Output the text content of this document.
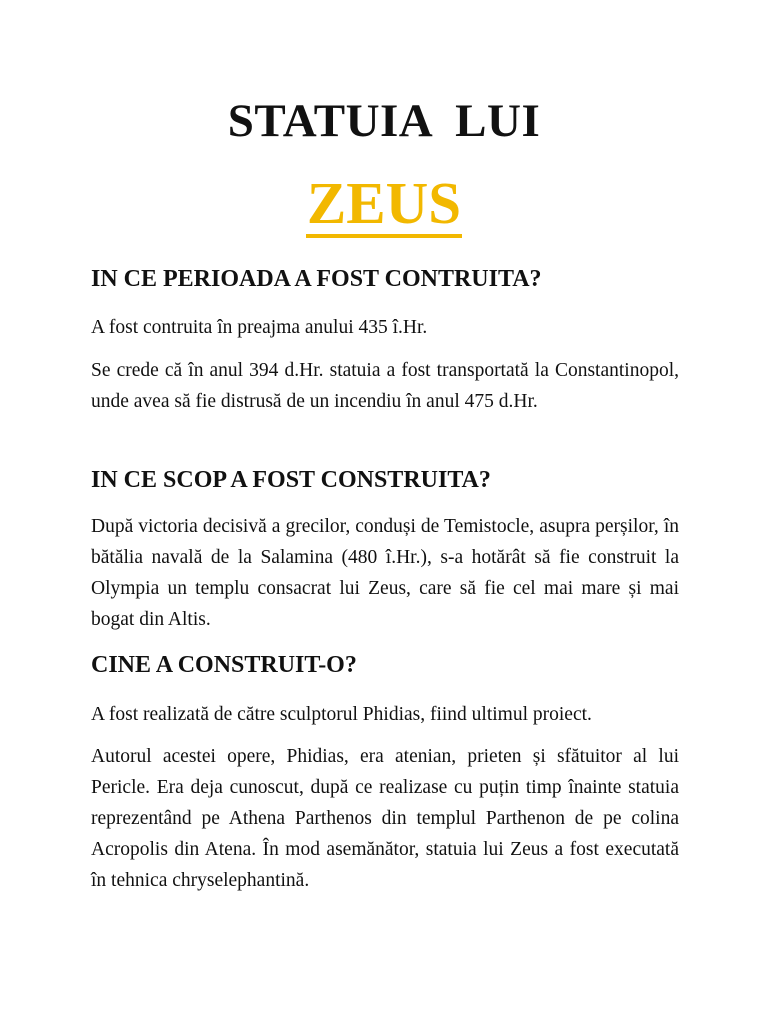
STATUIA  LUI
ZEUS
IN CE PERIOADA A FOST CONTRUITA?

A fost contruita în preajma anului 435 î.Hr.

Se crede că în anul 394 d.Hr. statuia a fost transportată la Constantinopol, unde avea să fie distrusă de un incendiu în anul 475 d.Hr.

IN CE SCOP A FOST CONSTRUITA?

După victoria decisivă a grecilor, conduși de Temistocle, asupra perșilor, în bătălia navală de la Salamina (480 î.Hr.), s-a hotărât să fie construit la Olympia un templu consacrat lui Zeus, care să fie cel mai mare și mai bogat din Altis.

CINE A CONSTRUIT-O?

A fost realizată de către sculptorul Phidias, fiind ultimul proiect.

Autorul acestei opere, Phidias, era atenian, prieten și sfătuitor al lui Pericle. Era deja cunoscut, după ce realizase cu puțin timp înainte statuia reprezentând pe Athena Parthenos din templul Parthenon de pe colina Acropolis din Atena. În mod asemănător, statuia lui Zeus a fost executată în tehnica chryselephantină.
